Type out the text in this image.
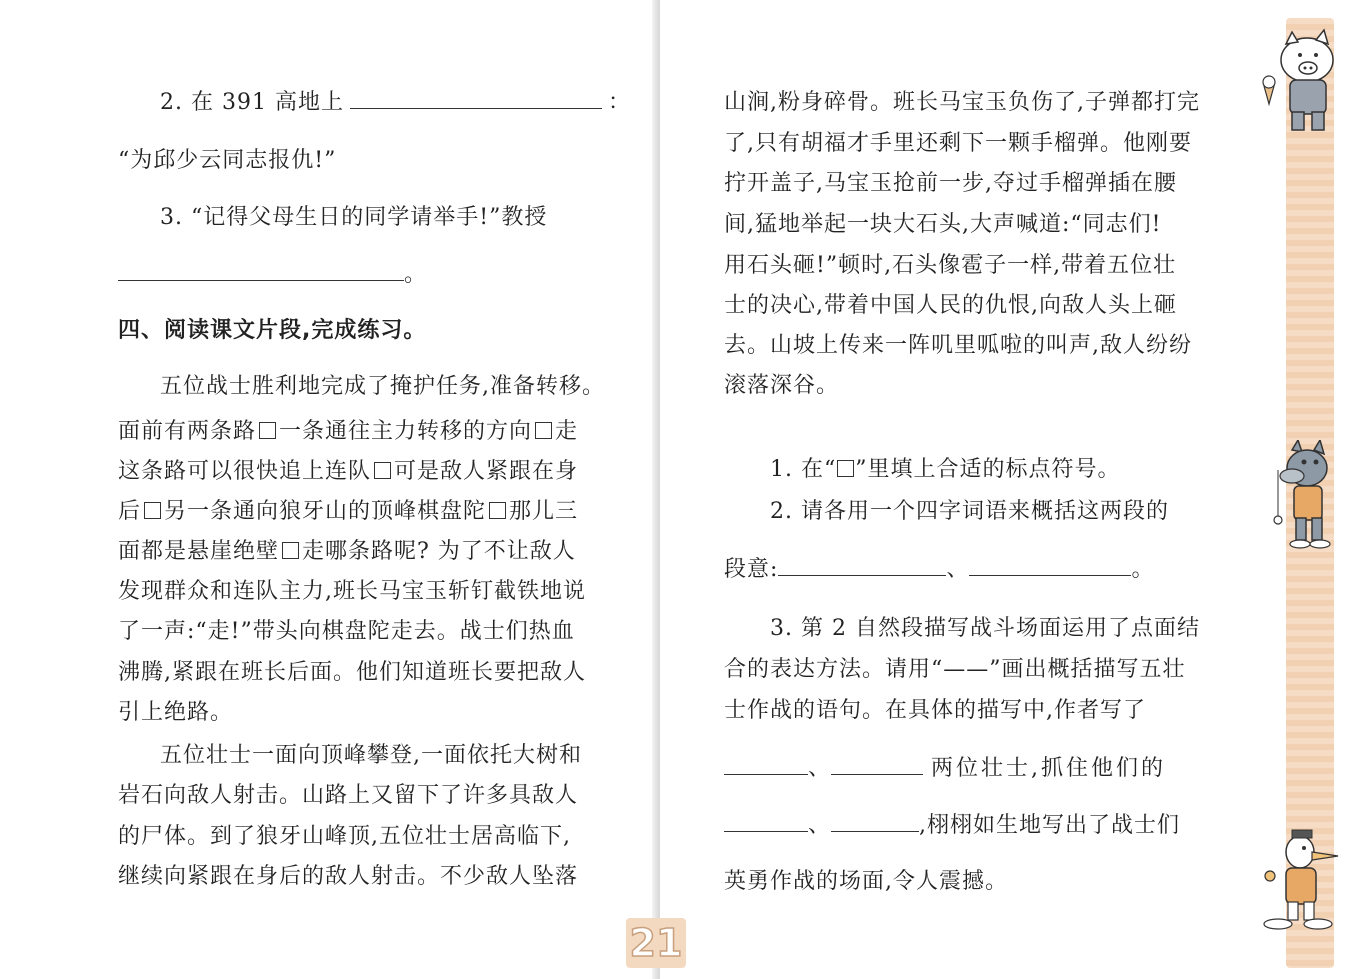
2. 在 391 高地上	：
“为邱少云同志报仇!”
3. “记得父母生日的同学请举手!”教授
。
四、阅读课文片段,完成练习。
五位战士胜利地完成了掩护任务,准备转移。
面前有两条路 一条通往主力转移的方向 走
这条路可以很快追上连队 可是敌人紧跟在身
后 另一条通向狼牙山的顶峰棋盘陀 那儿三
面都是悬崖绝壁 走哪条路呢? 为了不让敌人
发现群众和连队主力,班长马宝玉斩钉截铁地说
了一声:“走!”带头向棋盘陀走去。战士们热血
沸腾,紧跟在班长后面。他们知道班长要把敌人
引上绝路。
五位壮士一面向顶峰攀登,一面依托大树和
岩石向敌人射击。山路上又留下了许多具敌人
的尸体。到了狼牙山峰顶,五位壮士居高临下,
继续向紧跟在身后的敌人射击。不少敌人坠落
山涧,粉身碎骨。班长马宝玉负伤了,子弹都打完
了,只有胡福才手里还剩下一颗手榴弹。他刚要
拧开盖子,马宝玉抢前一步,夺过手榴弹插在腰
间,猛地举起一块大石头,大声喊道:“同志们!
用石头砸!”顿时,石头像雹子一样,带着五位壮
士的决心,带着中国人民的仇恨,向敌人头上砸
去。山坡上传来一阵叽里呱啦的叫声,敌人纷纷
滚落深谷。
1. 在“ ”里填上合适的标点符号。
2. 请各用一个四字词语来概括这两段的
段意:	、	。
3. 第 2 自然段描写战斗场面运用了点面结
合的表达方法。请用“——”画出概括描写五壮
士作战的语句。在具体的描写中,作者写了
、	两位壮士,抓住他们的
、	,栩栩如生地写出了战士们
英勇作战的场面,令人震撼。
21
